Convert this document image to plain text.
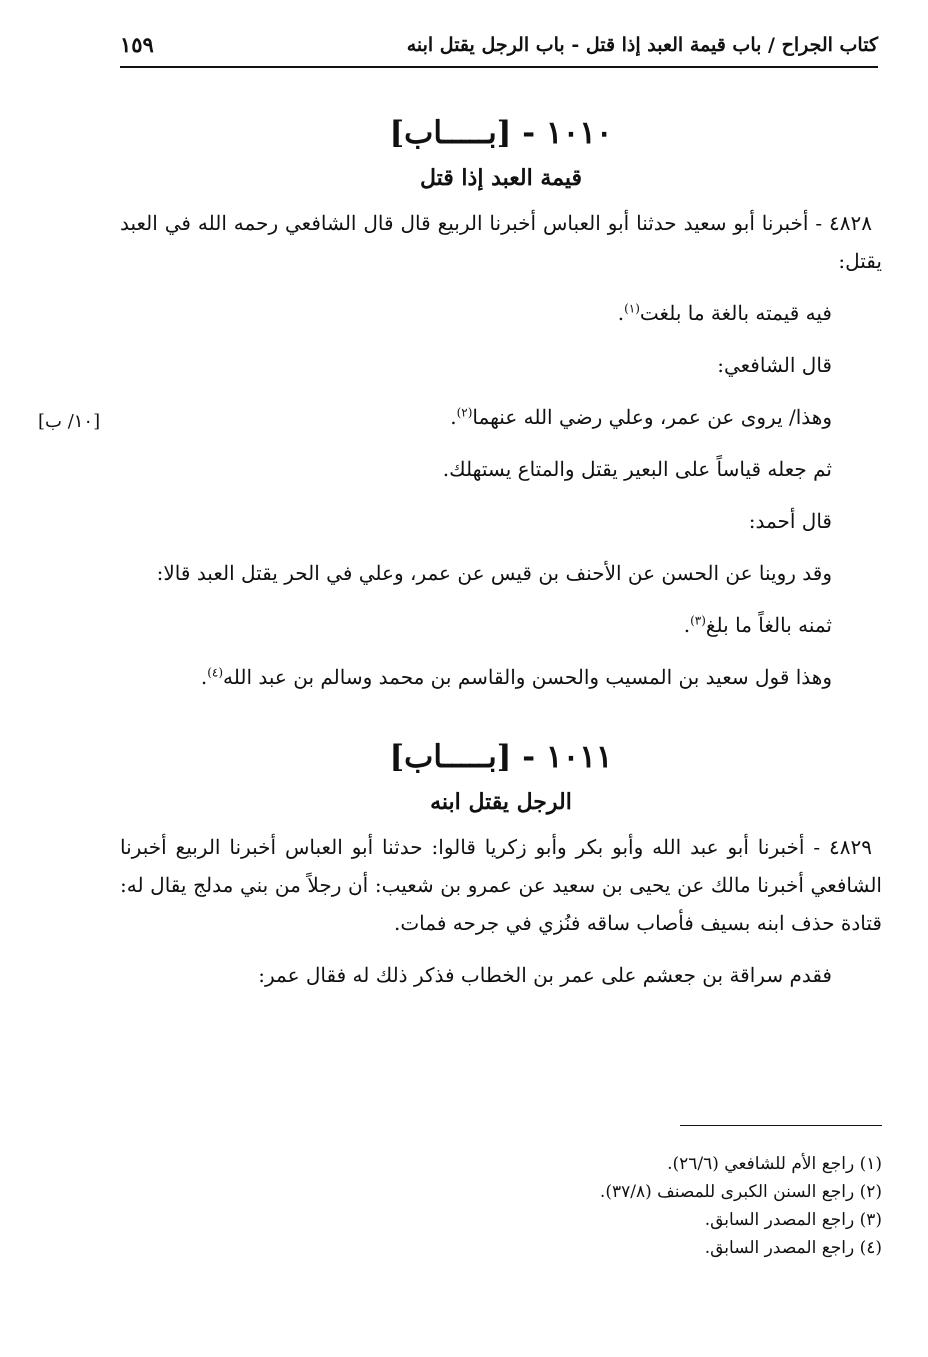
كتاب الجراح / باب قيمة العبد إذا قتل - باب الرجل يقتل ابنه
١٥٩
[١٠/ ب]
١٠١٠ - [بـــــاب]
قيمة العبد إذا قتل

٤٨٢٨ - أخبرنا أبو سعيد حدثنا أبو العباس أخبرنا الربيع قال قال الشافعي رحمه الله في العبد يقتل:

فيه قيمته بالغة ما بلغت$^{(١)}$.

قال الشافعي:

وهذا/ يروى عن عمر، وعلي رضي الله عنهما$^{(٢)}$.

ثم جعله قياساً على البعير يقتل والمتاع يستهلك.

قال أحمد:

وقد روينا عن الحسن عن الأحنف بن قيس عن عمر، وعلي في الحر يقتل العبد قالا:

ثمنه بالغاً ما بلغ$^{(٣)}$.

وهذا قول سعيد بن المسيب والحسن والقاسم بن محمد وسالم بن عبد الله$^{(٤)}$.

١٠١١ - [بـــــاب]
الرجل يقتل ابنه

٤٨٢٩ - أخبرنا أبو عبد الله وأبو بكر وأبو زكريا قالوا: حدثنا أبو العباس أخبرنا الربيع أخبرنا الشافعي أخبرنا مالك عن يحيى بن سعيد عن عمرو بن شعيب: أن رجلاً من بني مدلج يقال له: قتادة حذف ابنه بسيف فأصاب ساقه فنُزي في جرحه فمات.

فقدم سراقة بن جعشم على عمر بن الخطاب فذكر ذلك له فقال عمر:

(١) راجع الأم للشافعي (٢٦/٦).
(٢) راجع السنن الكبرى للمصنف (٣٧/٨).
(٣) راجع المصدر السابق.
(٤) راجع المصدر السابق.
